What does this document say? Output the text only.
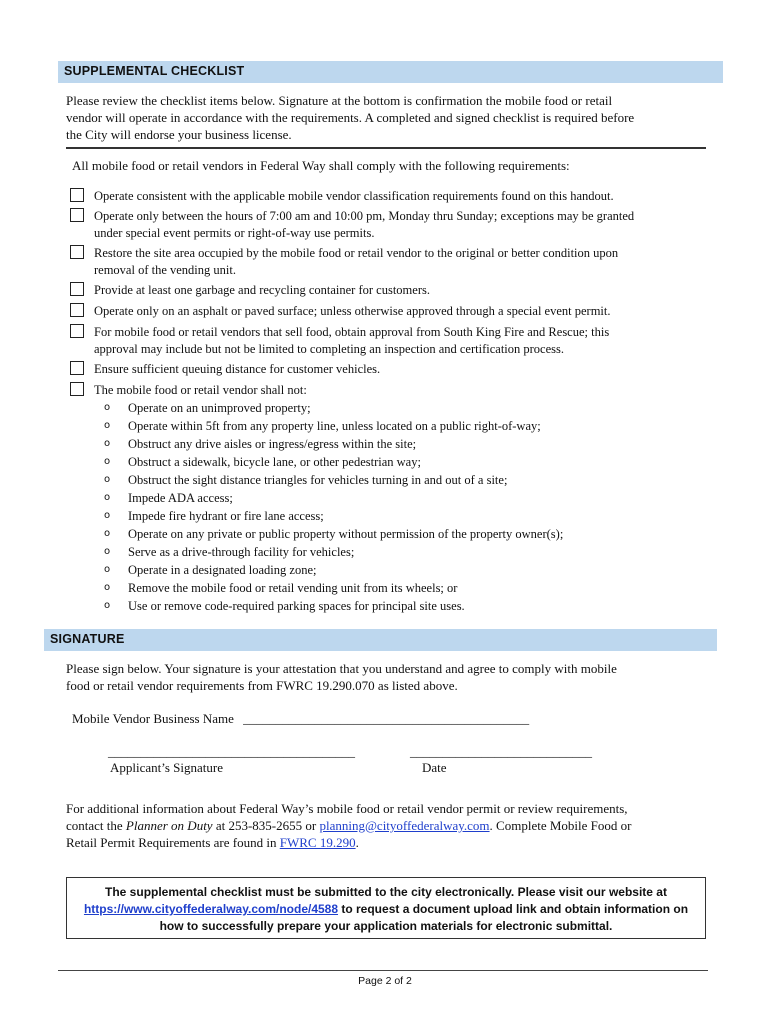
SUPPLEMENTAL CHECKLIST
Please review the checklist items below. Signature at the bottom is confirmation the mobile food or retail
vendor will operate in accordance with the requirements. A completed and signed checklist is required before
the City will endorse your business license.
All mobile food or retail vendors in Federal Way shall comply with the following requirements:
Operate consistent with the applicable mobile vendor classification requirements found on this handout.
Operate only between the hours of 7:00 am and 10:00 pm, Monday thru Sunday; exceptions may be granted
under special event permits or right-of-way use permits.
Restore the site area occupied by the mobile food or retail vendor to the original or better condition upon
removal of the vending unit.
Provide at least one garbage and recycling container for customers.
Operate only on an asphalt or paved surface; unless otherwise approved through a special event permit.
For mobile food or retail vendors that sell food, obtain approval from South King Fire and Rescue; this
approval may include but not be limited to completing an inspection and certification process.
Ensure sufficient queuing distance for customer vehicles.
The mobile food or retail vendor shall not:
o Operate on an unimproved property;
o Operate within 5ft from any property line, unless located on a public right-of-way;
o Obstruct any drive aisles or ingress/egress within the site;
o Obstruct a sidewalk, bicycle lane, or other pedestrian way;
o Obstruct the sight distance triangles for vehicles turning in and out of a site;
o Impede ADA access;
o Impede fire hydrant or fire lane access;
o Operate on any private or public property without permission of the property owner(s);
o Serve as a drive-through facility for vehicles;
o Operate in a designated loading zone;
o Remove the mobile food or retail vending unit from its wheels; or
o Use or remove code-required parking spaces for principal site uses.
SIGNATURE
Please sign below. Your signature is your attestation that you understand and agree to comply with mobile
food or retail vendor requirements from FWRC 19.290.070 as listed above.
Mobile Vendor Business Name ____________________________________________
______________________________________
Applicant’s Signature
____________________________
Date
For additional information about Federal Way’s mobile food or retail vendor permit or review requirements,
contact the Planner on Duty at 253-835-2655 or planning@cityoffederalway.com. Complete Mobile Food or
Retail Permit Requirements are found in FWRC 19.290.
The supplemental checklist must be submitted to the city electronically. Please visit our website at
https://www.cityoffederalway.com/node/4588 to request a document upload link and obtain information on
how to successfully prepare your application materials for electronic submittal.
Page 2 of 2
